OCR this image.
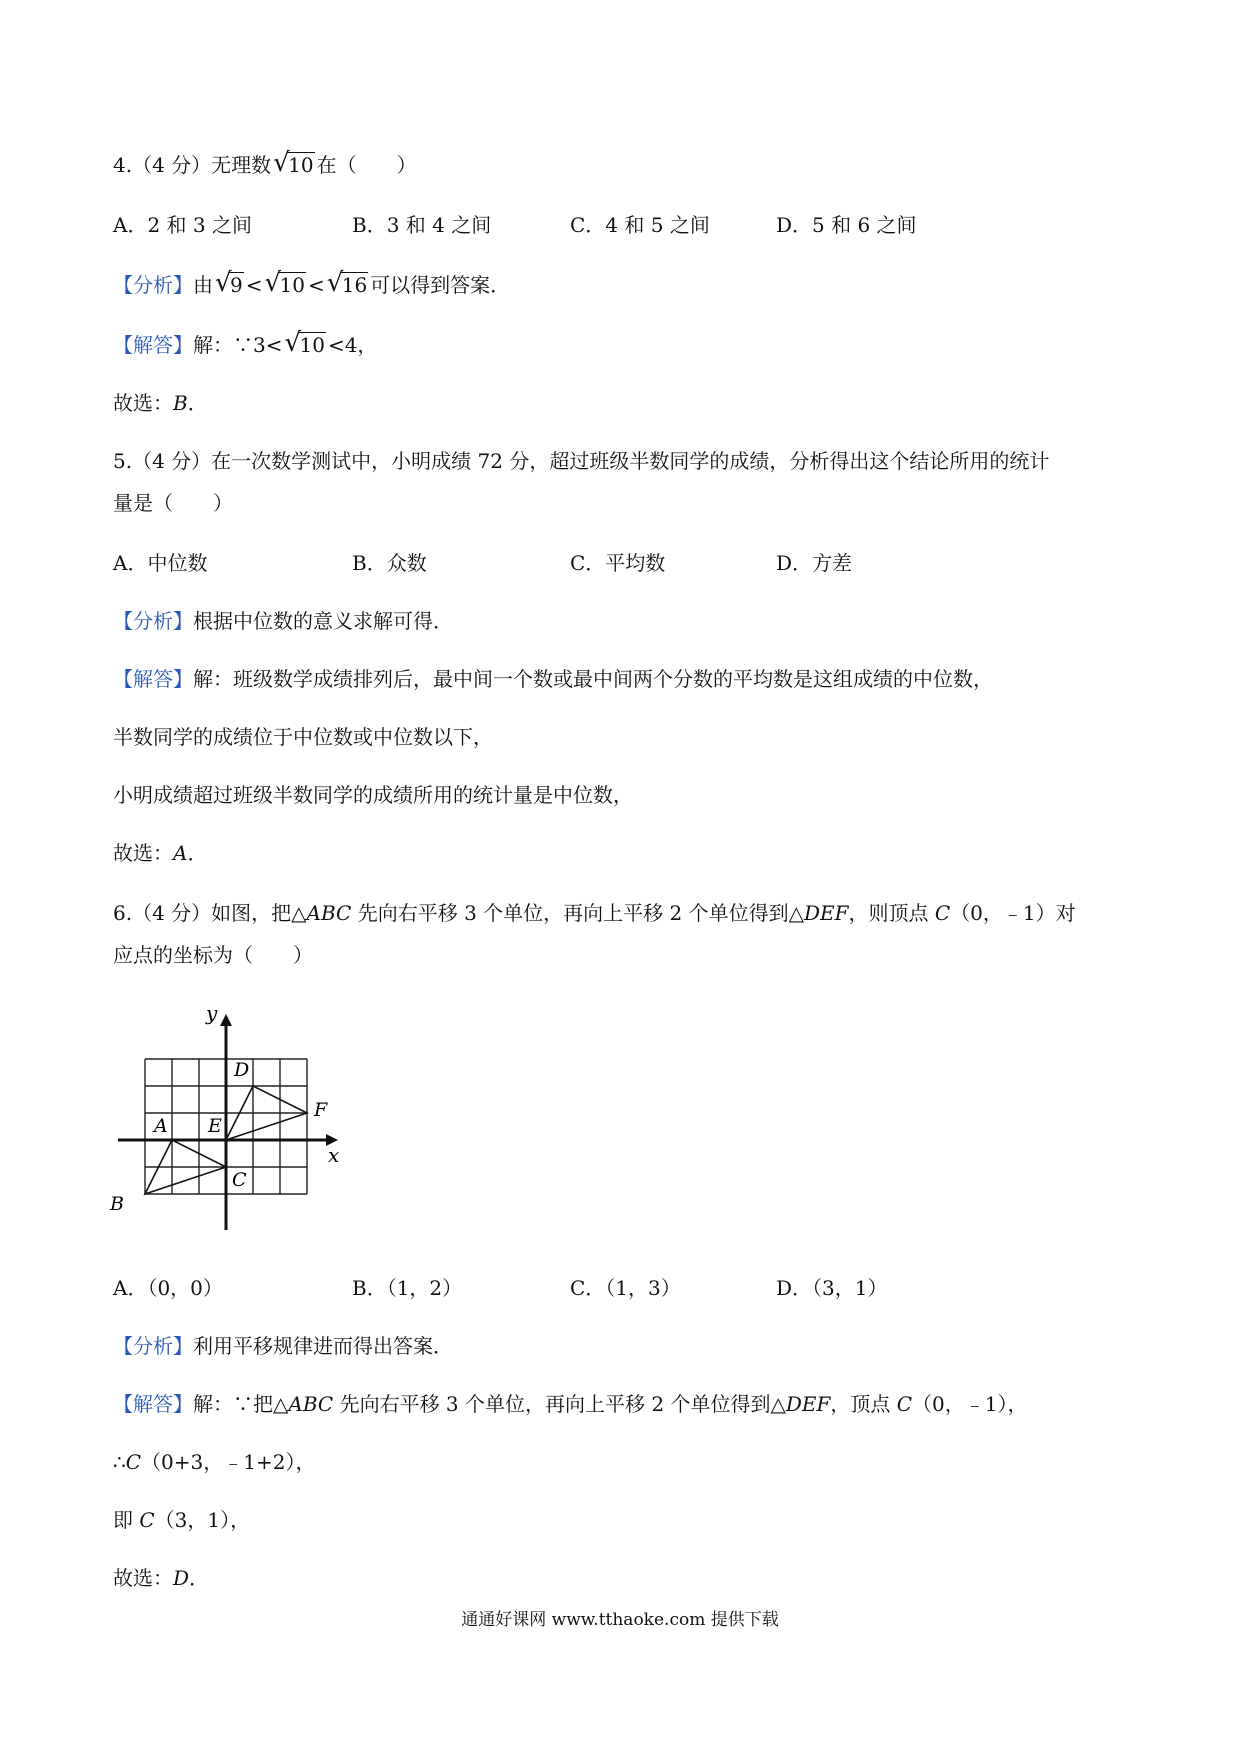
4.（4 分）无理数 √
10 在（　　）
A．2 和 3 之间	B．3 和 4 之间	C．4 和 5 之间	D．5 和 6 之间
【分析】由 √
9 < √
10 < √
16 可以得到答案．
【解答】解：∵3< √
10 <4，
故选：B．
5.（4 分）在一次数学测试中，小明成绩 72 分，超过班级半数同学的成绩，分析得出这个结论所用的统计
量是（　　）
A．中位数	B．众数	C．平均数	D．方差
【分析】根据中位数的意义求解可得．
【解答】解：班级数学成绩排列后，最中间一个数或最中间两个分数的平均数是这组成绩的中位数，
半数同学的成绩位于中位数或中位数以下，
小明成绩超过班级半数同学的成绩所用的统计量是中位数，
故选：A．
6.（4 分）如图，把△ABC 先向右平移 3 个单位，再向上平移 2 个单位得到△DEF，则顶点 C（0，﹣1）对
应点的坐标为（　　）
y
x
A
B
C
D
E
F
A．（0，0）	B．（1，2）	C．（1，3）	D．（3，1）
【分析】利用平移规律进而得出答案．
【解答】解：∵把△ABC 先向右平移 3 个单位，再向上平移 2 个单位得到△DEF，顶点 C（0，﹣1），
∴C（0+3，﹣1+2），
即 C（3，1），
故选：D．
通通好课网 www.tthaoke.com 提供下载
